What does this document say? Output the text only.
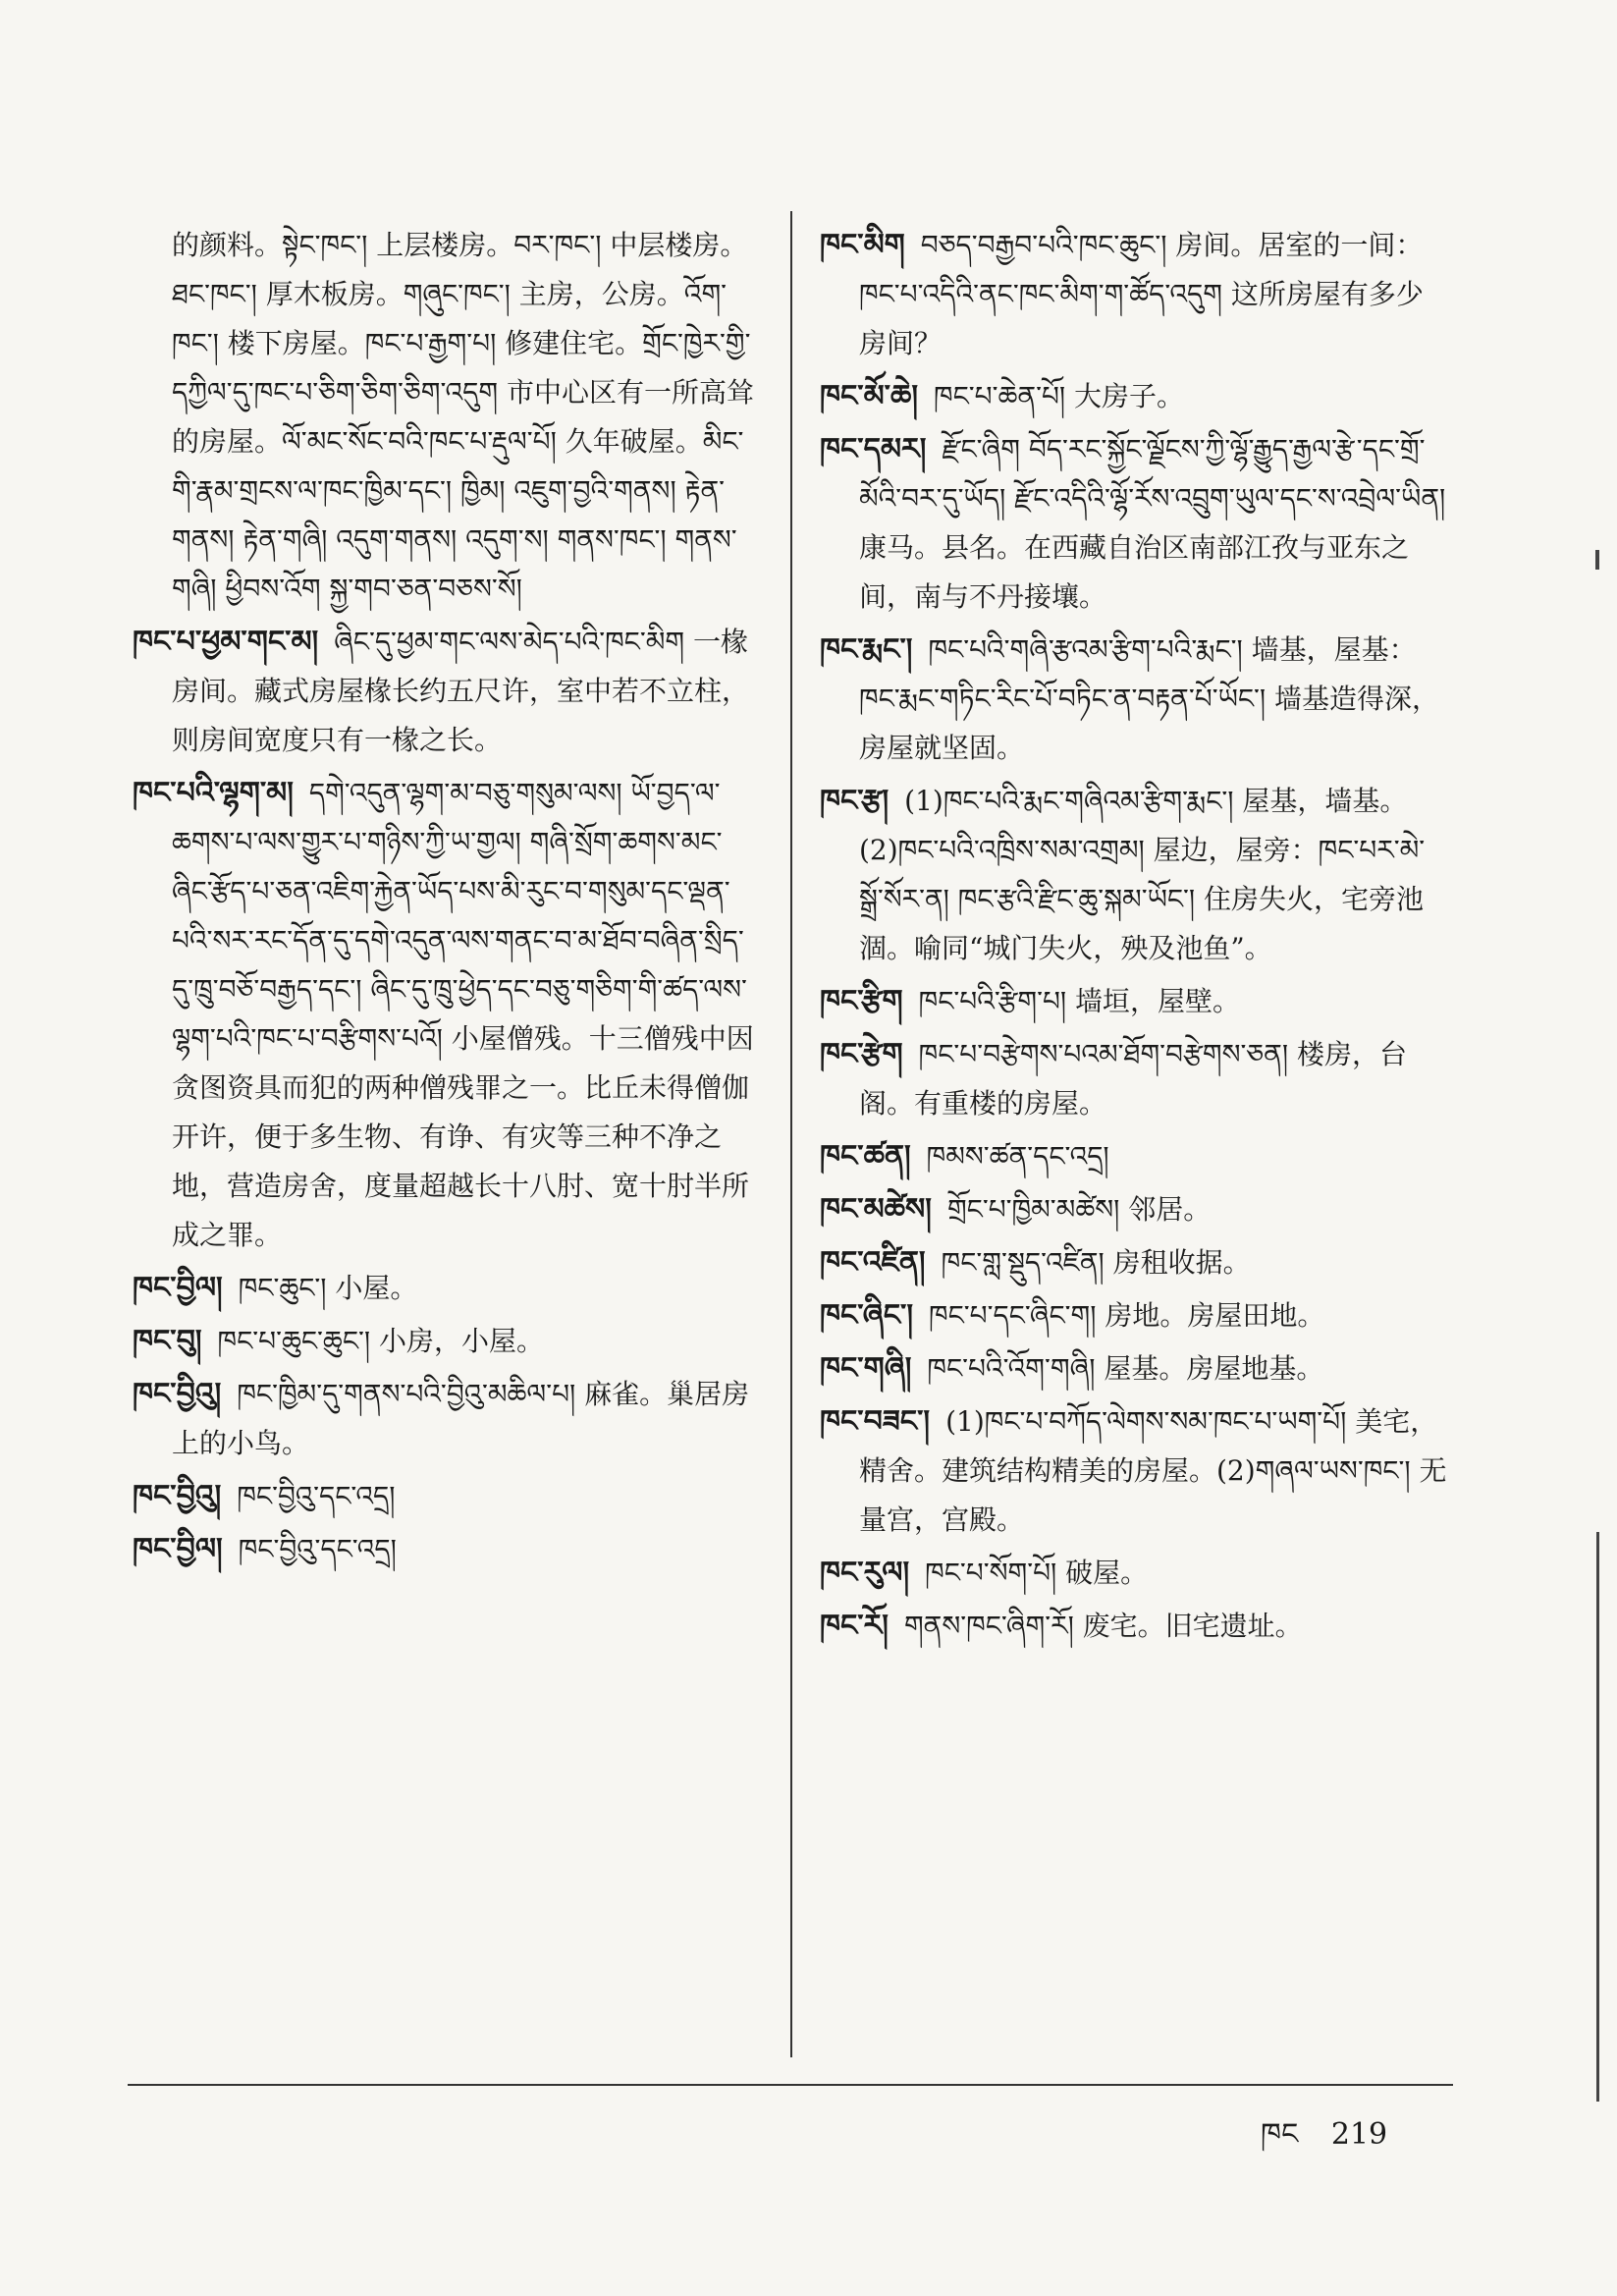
的颜料。སྟེང་ཁང་། 上层楼房。བར་ཁང་། 中层楼房。ཐང་ཁང་། 厚木板房。གཞུང་ཁང་། 主房，公房。འོག་ཁང་། 楼下房屋。ཁང་པ་རྒྱག་པ། 修建住宅。གྲོང་ཁྱེར་གྱི་དཀྱིལ་དུ་ཁང་པ་ཅིག་ཅིག་ཅིག་འདུག 市中心区有一所高耸的房屋。ལོ་མང་སོང་བའི་ཁང་པ་རྡུལ་པོ། 久年破屋。མིང་གི་རྣམ་གྲངས་ལ་ཁང་ཁྱིམ་དང་། ཁྱིམ། འཇུག་བྱའི་གནས། རྟེན་གནས། རྟེན་གཞི། འདུག་གནས། འདུག་ས། གནས་ཁང་། གནས་གཞི། ཕྱིབས་འོག སྐྱ་གབ་ཅན་བཅས་སོ།

ཁང་པ་ཕྱམ་གང་མ། ཞིང་དུ་ཕྱམ་གང་ལས་མེད་པའི་ཁང་མིག 一椽房间。藏式房屋椽长约五尺许，室中若不立柱，则房间宽度只有一椽之长。

ཁང་པའི་ལྷག་མ། དགེ་འདུན་ལྷག་མ་བཅུ་གསུམ་ལས། ཡོ་བྱད་ལ་ཆགས་པ་ལས་གྱུར་པ་གཉིས་ཀྱི་ཡ་གྱལ། གཞི་སྲོག་ཆགས་མང་ཞིང་རྩོད་པ་ཅན་འཇིག་རྐྱེན་ཡོད་པས་མི་རུང་བ་གསུམ་དང་ལྡན་པའི་སར་རང་དོན་དུ་དགེ་འདུན་ལས་གནང་བ་མ་ཐོབ་བཞིན་སྲིད་དུ་ཁྲུ་བཅོ་བརྒྱད་དང་། ཞིང་དུ་ཁྲུ་ཕྱེད་དང་བཅུ་གཅིག་གི་ཚད་ལས་ལྷག་པའི་ཁང་པ་བརྩིགས་པའོ། 小屋僧残。十三僧残中因贪图资具而犯的两种僧残罪之一。比丘未得僧伽开许，便于多生物、有诤、有灾等三种不净之地，营造房舍，度量超越长十八肘、宽十肘半所成之罪。

ཁང་བྱིལ། ཁང་ཆུང་། 小屋。

ཁང་བུ། ཁང་པ་ཆུང་ཆུང་། 小房，小屋。

ཁང་བྱིའུ། ཁང་ཁྱིམ་དུ་གནས་པའི་བྱིའུ་མཆིལ་པ། 麻雀。巢居房上的小鸟。

ཁང་བྱིའུ། ཁང་བྱིའུ་དང་འདྲ།

ཁང་བྱིལ། ཁང་བྱིའུ་དང་འདྲ།

ཁང་མིག བཅད་བརྒྱབ་པའི་ཁང་ཆུང་། 房间。居室的一间：ཁང་པ་འདིའི་ནང་ཁང་མིག་ག་ཚོད་འདུག 这所房屋有多少房间？

ཁང་མོ་ཆེ། ཁང་པ་ཆེན་པོ། 大房子。

ཁང་དམར། རྫོང་ཞིག བོད་རང་སྐྱོང་ལྗོངས་ཀྱི་ལྷོ་རྒྱུད་རྒྱལ་རྩེ་དང་གྲོ་མོའི་བར་དུ་ཡོད། རྫོང་འདིའི་ལྷོ་རོས་འབྲུག་ཡུལ་དང་ས་འབྲེལ་ཡིན། 康马。县名。在西藏自治区南部江孜与亚东之间，南与不丹接壤。

ཁང་རྨང་། ཁང་པའི་གཞི་རྩའམ་རྩིག་པའི་རྨང་། 墙基，屋基：ཁང་རྨང་གཏིང་རིང་པོ་བཏིང་ན་བརྟན་པོ་ཡོང་། 墙基造得深，房屋就坚固。

ཁང་རྩ། (1)ཁང་པའི་རྨང་གཞིའམ་རྩིག་རྨང་། 屋基，墙基。(2)ཁང་པའི་འཁྲིས་སམ་འགྲམ། 屋边，屋旁：ཁང་པར་མེ་སྒྲོ་སོར་ན། ཁང་རྩའི་རྫིང་ཆུ་སྐམ་ཡོང་། 住房失火，宅旁池涸。喻同“城门失火，殃及池鱼”。

ཁང་རྩིག ཁང་པའི་རྩིག་པ། 墙垣，屋壁。

ཁང་རྩེག ཁང་པ་བརྩེགས་པའམ་ཐོག་བརྩེགས་ཅན། 楼房，台阁。有重楼的房屋。

ཁང་ཚན། ཁམས་ཚན་དང་འདྲ།

ཁང་མཚེས། གྲོང་པ་ཁྱིམ་མཚེས། 邻居。

ཁང་འཛིན། ཁང་གླ་སྡུད་འཛིན། 房租收据。

ཁང་ཞིང་། ཁང་པ་དང་ཞིང་ག། 房地。房屋田地。

ཁང་གཞི། ཁང་པའི་འོག་གཞི། 屋基。房屋地基。

ཁང་བཟང་། (1)ཁང་པ་བཀོད་ལེགས་སམ་ཁང་པ་ཡག་པོ། 美宅，精舍。建筑结构精美的房屋。(2)གཞལ་ཡས་ཁང་། 无量宫，宫殿。

ཁང་རུལ། ཁང་པ་སོག་པོ། 破屋。

ཁང་རོ། གནས་ཁང་ཞིག་རོ། 废宅。旧宅遗址。

ཁང 219
